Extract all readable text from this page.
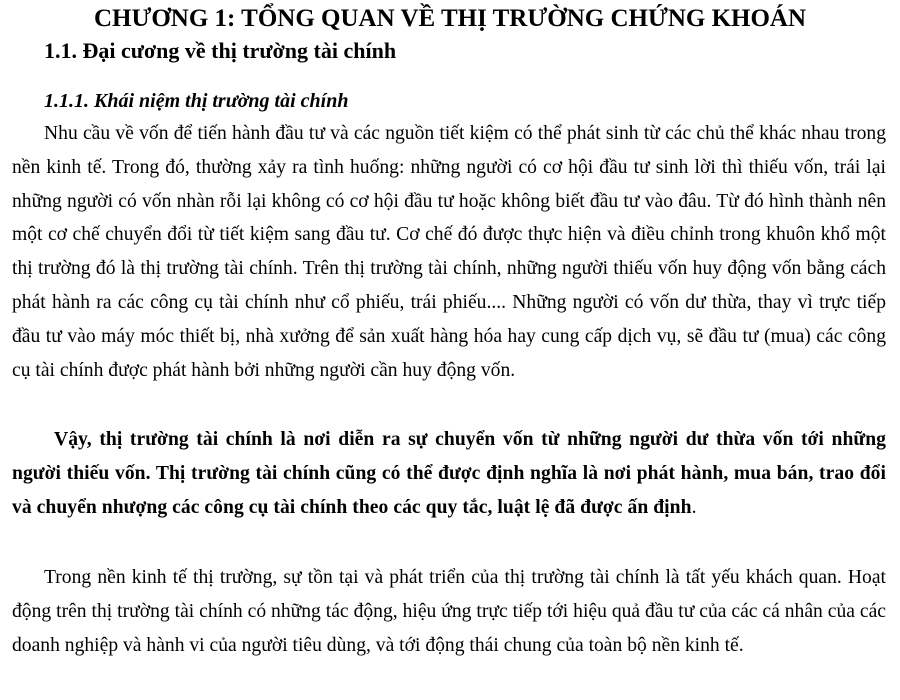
CHƯƠNG 1: TỔNG QUAN VỀ THỊ TRƯỜNG CHỨNG KHOÁN
1.1. Đại cương về thị trường tài chính
1.1.1. Khái niệm thị trường tài chính

Nhu cầu về vốn để tiến hành đầu tư và các nguồn tiết kiệm có thể phát sinh từ các chủ thể khác nhau trong nền kinh tế. Trong đó, thường xảy ra tình huống: những người có cơ hội đầu tư sinh lời thì thiếu vốn, trái lại những người có vốn nhàn rỗi lại không có cơ hội đầu tư hoặc không biết đầu tư vào đâu. Từ đó hình thành nên một cơ chế chuyển đổi từ tiết kiệm sang đầu tư. Cơ chế đó được thực hiện và điều chỉnh trong khuôn khổ một thị trường đó là thị trường tài chính. Trên thị trường tài chính, những người thiếu vốn huy động vốn bằng cách phát hành ra các công cụ tài chính như cổ phiếu, trái phiếu.... Những người có vốn dư thừa, thay vì trực tiếp đầu tư vào máy móc thiết bị, nhà xưởng để sản xuất hàng hóa hay cung cấp dịch vụ, sẽ đầu tư (mua) các công cụ tài chính được phát hành bởi những người cần huy động vốn.

Vậy, thị trường tài chính là nơi diễn ra sự chuyển vốn từ những người dư thừa vốn tới những người thiếu vốn. Thị trường tài chính cũng có thể được định nghĩa là nơi phát hành, mua bán, trao đổi và chuyển nhượng các công cụ tài chính theo các quy tắc, luật lệ đã được ấn định.

Trong nền kinh tế thị trường, sự tồn tại và phát triển của thị trường tài chính là tất yếu khách quan. Hoạt động trên thị trường tài chính có những tác động, hiệu ứng trực tiếp tới hiệu quả đầu tư của các cá nhân của các doanh nghiệp và hành vi của người tiêu dùng, và tới động thái chung của toàn bộ nền kinh tế.
